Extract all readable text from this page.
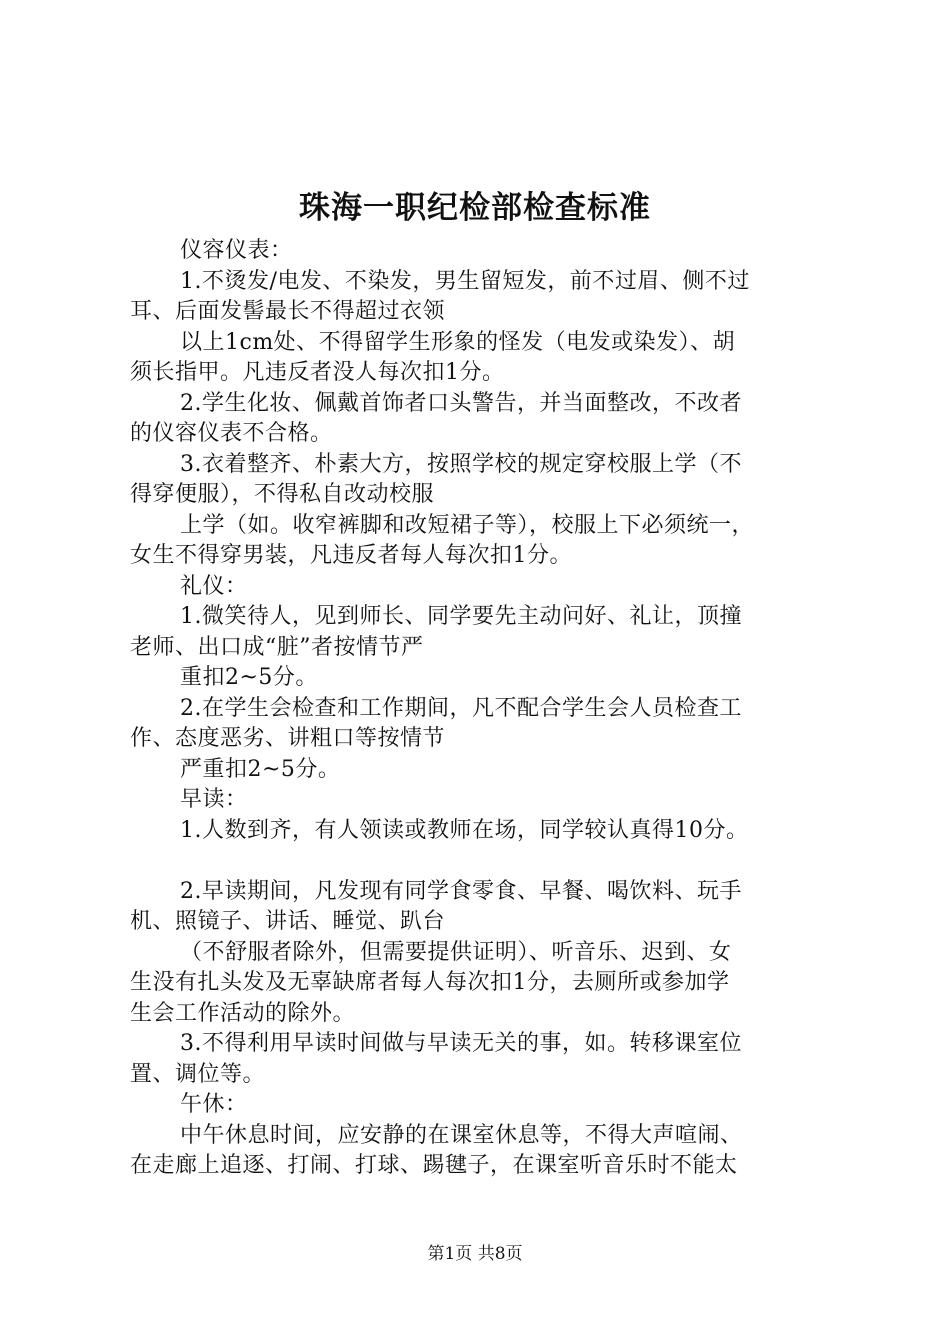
珠海一职纪检部检查标准
仪容仪表：
1.不烫发/电发、不染发，男生留短发，前不过眉、侧不过
耳、后面发髻最长不得超过衣领
以上1cm处、不得留学生形象的怪发（电发或染发）、胡
须长指甲。凡违反者没人每次扣1分。
2.学生化妆、佩戴首饰者口头警告，并当面整改，不改者
的仪容仪表不合格。
3.衣着整齐、朴素大方，按照学校的规定穿校服上学（不
得穿便服），不得私自改动校服
上学（如。收窄裤脚和改短裙子等），校服上下必须统一，
女生不得穿男装，凡违反者每人每次扣1分。
礼仪：
1.微笑待人，见到师长、同学要先主动问好、礼让，顶撞
老师、出口成“脏”者按情节严
重扣2~5分。
2.在学生会检查和工作期间，凡不配合学生会人员检查工
作、态度恶劣、讲粗口等按情节
严重扣2~5分。
早读：
1.人数到齐，有人领读或教师在场，同学较认真得10分。
2.早读期间，凡发现有同学食零食、早餐、喝饮料、玩手
机、照镜子、讲话、睡觉、趴台
（不舒服者除外，但需要提供证明）、听音乐、迟到、女
生没有扎头发及无辜缺席者每人每次扣1分，去厕所或参加学
生会工作活动的除外。
3.不得利用早读时间做与早读无关的事，如。转移课室位
置、调位等。
午休：
中午休息时间，应安静的在课室休息等，不得大声喧闹、
在走廊上追逐、打闹、打球、踢毽子，在课室听音乐时不能太
第1页 共8页
